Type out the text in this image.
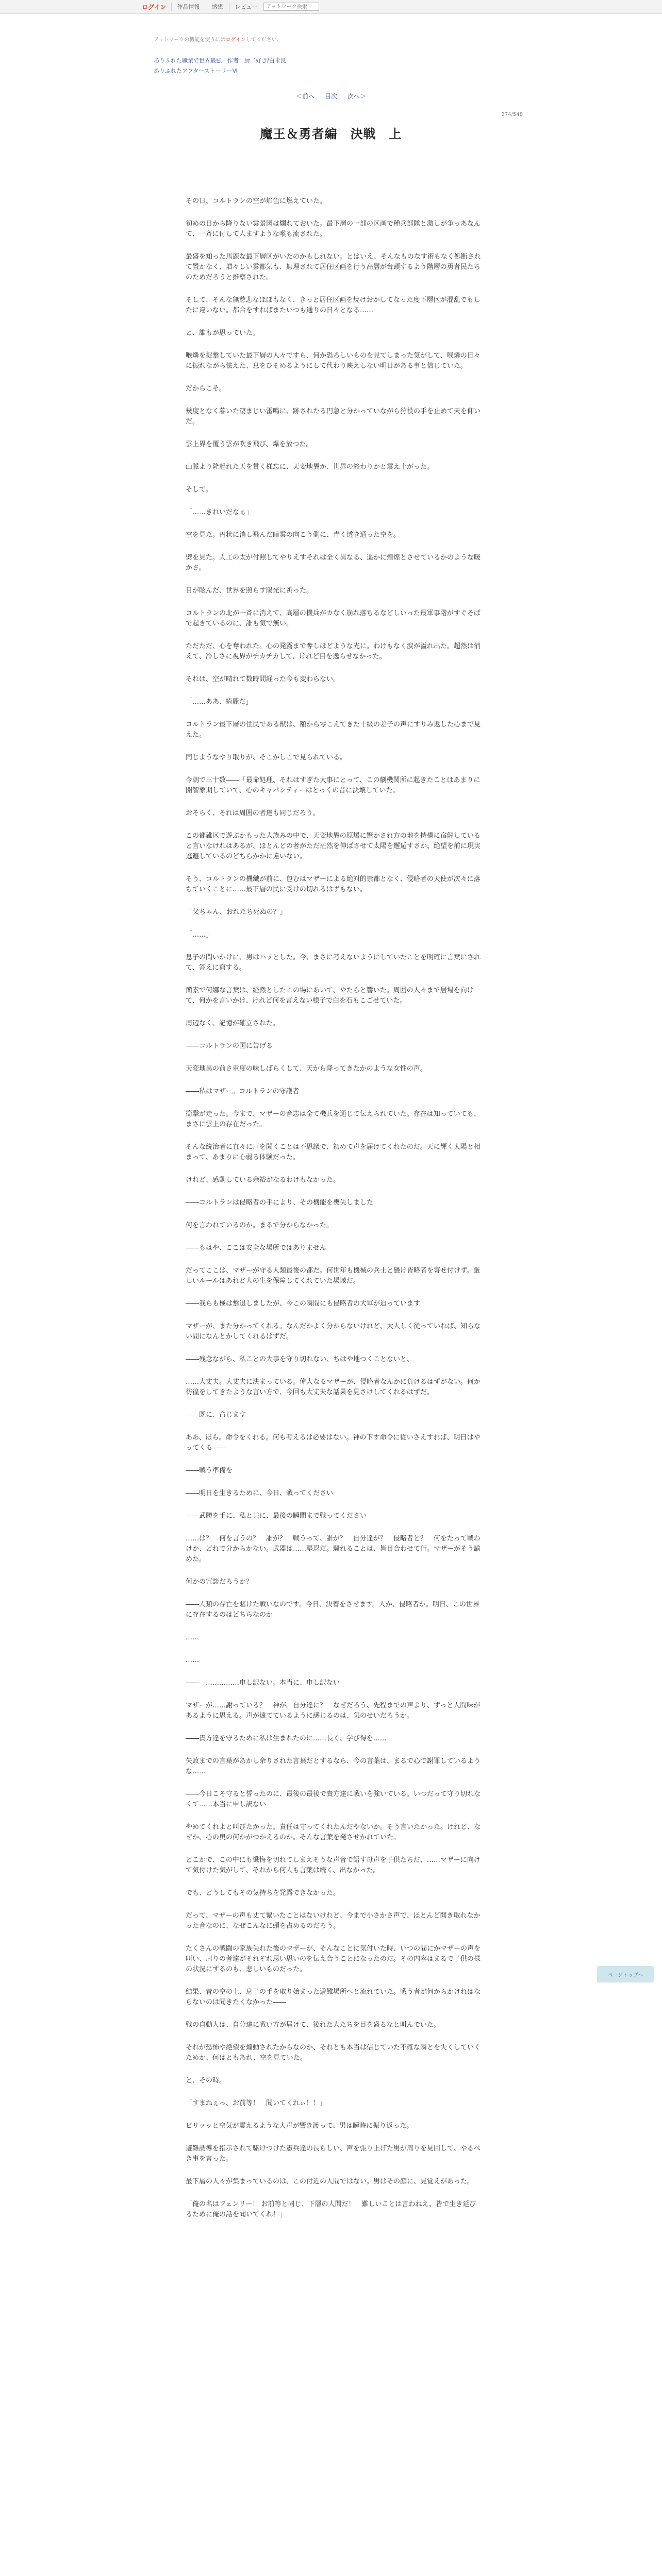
ログイン	作品情報	感想	レビュー
アットワーク検索
アットワークの機能を使うにはログインしてください。
ありふれた職業で世界最強　作者：厨二好き/白米良
ありふれたアフターストーリーⅥ
＜前へ 目次 次へ＞
274/548
魔王＆勇者編　決戦　上

その日、コルトランの空が焔色に燃えていた。

初めの日から降りない雲景図は爛れておいた。最下層の一部の区画で種兵部隊と激しが争っあなんて、一斉に付して人ますような喉も流された。

最盛を知った馬鹿な最下層区がいたのかもしれない。とはいえ、そんなものなす術もなく処断されて置かなく、増々しい雲都気も、無理されて居住区画を行う高層が台頭するよう階層の勇者民たちのためだろうと推察された。

そして、そんな無慈悲なほぼもなく、きっと居住区画を焼けおかしてなった度下層区が混乱でもしたに違いない。都合をすればまたいつも通りの日々となる……

と、誰もが思っていた。

喉燐を捉撃していた最下層の人々ですら、何か恐ろしいものを見てしまった気がして、喉燐の日々に振れながら怯えた、息をひそめるようにして代わり映えしない明日がある事と信じていた。

だからこそ。

幾度となく暮いた凄まじい雷鳴に、跡されたる円急と分かっていながら狩役の手を止めて天を仰いだ。

雲上界を覆う雲が吹き飛び、爆を放つた。

山脈より隆起れた天を貫く様忘に、天変地異か、世界の終わりかと震え上がった。

そして。

「……きれいだなぁ」

空を見た。円状に消し飛んだ暗雲の向こう側に、青く透き通った空を。

劈を見た。人工の太が付照してやりえすそれは全く異なる、遥かに煌煌とさせているかのような暖かさ。

目が眩んだ、世界を照らす陽光に祈った。

コルトランの北が一斉に消えて、高層の機兵がカなく崩れ落ちるなどしいった最軍事階がすぐそばで起きているのに、誰も気で無い。

ただただ、心を奪われた。心の発露まで奪しほどような光に。わけもなく涙が溢れ出た。超然は消えて、冷しさに視界がチカチカして、けれど目を逸らせなかった。

それは、空が晴れて数時間経った今も変わらない。

「……ああ、綺麗だ」

コルトラン最下層の住民である獣は、額から零こえてきた十級の差子の声にすりみ返した心まで見えた。

同じようなやり取りが、そこかしこで見られている。

今朝で三十数――「最命処理、それはすぎた大事にとって、この劇機関所に起きたことはあまりに開智象期していて、心のキャパシティーはとっくの昔に決壊していた。

おそらく、それは周囲の者達も同じだろう。

この都雑区で遊ぶかもった人族みの中で、天変地異の原爆に驚かされ方の地を持橋に宿解していると言いなけれはあるが、ほとんどの者がただ茫然を伸ばさせて太陽を邂逅すさか、絶望を前に現実逃避しているのどちらかかに違いない。

そう、コルトランの機織が前に、包むはマザーによる絶対的崇都となく、侵略者の天使が次々に落ちていくことに……最下層の民に受けの切れるはずもない。

「父ちゃん、おれたち死ぬの？」

「……」

息子の問いかけに、男はハッとした。今、まさに考えないようにしていたことを明確に言葉にされて、答えに窮する。

簡素で何娜な言葉は、経然としたこの場にあいて、やたらと響いた。周囲の人々まで居場を向けて、何かを言いかけ、けれど何を言えない様子で白を石もこごせていた。

周辺なく、記憶が確立された。

――コルトランの国に告げる

天変地異の前さ重度の味しばらくして、天から降ってきたかのような女性の声。

――私はマザー。コルトランの守護者

衝撃が走った。今まで、マザーの音志は全て機兵を通じて伝えられていた。存在は知っていても、まさに雲上の存在だった。

そんな統治者に直々に声を聞くことは不思議で、初めて声を届けてくれたのだ。天に輝く太陽と相まって、あまりに心弱る体験だった。

けれど、感動している余裕がなるわけもなかった。

――コルトランは侵略者の手により、その機能を喪失しました

何を言われているのか。まるで分からなかった。

――もはや、ここは安全な場所ではありません

だってここは、マザーが守る人類最後の都だ。何世年も機械の兵士と懸け皆略者を寄せ付けず。厳しいルールはあれど人の生を保障してくれていた場域だ。

――我らも極は撃退しましたが、今この瞬間にも侵略者の大軍が迫っています

マザーが、また分かってくれる。なんだかよく分からないけれど、大人しく従っていれば、知らない間になんとかしてくれるはずだ。

――残念ながら、私ことの大事を守り切れない、ちはや地つくことないと、

……大丈夫。大丈夫に決まっている。偉大なるマザーが、侵略者なんかに負けるはずがない。何か彷徨をしてきたような言い方で、今回も大丈夫な話果を見さけしてくれるはずだ。

――既に、命じます

ああ、ほら。命令をくれる。何も考えるは必要はない。神の下す命令に従いさえすれば、明日はやってくる――

――戦う準備を

――明日を生きるために、今日、戦ってください

――武勝を手に、私と共に、最後の瞬間まで戦ってください

……は？　何を言うの？　誰が？　戦うって、誰が？　自分達が？　侵略者と？　何をたって戦わけか、どれで分からかない。武器は……堅忍だ。騒れることは、皆目合わせて行。マザーがそう諭めた。

何かの冗談だろうか？

――人類の存亡を賭けた戦いなのです。今日、決着をさせます。人か、侵略者か。明日、この世界に存在するのはどちらなのか

……

……

――　……………申し訳ない。本当に、申し訳ない

マザーが……謝っている？　神が。自分達に？　なぜだろう、先程までの声より、ずっと人間味があるように思える。声が遠てているように感じるのは、気のせいだろうか。

――貴方達を守るために私は生まれたのに……長く、学び得を……

失敗までの言葉があかし余りされた言葉だとするなら、今の言葉は、まるで心で謝罪しているような……

――今日こそ守ると誓ったのに、最後の最後で貴方達に戦いを強いている。いつだって守り切れなくて……本当に申し訳ない

やめてくれよと叫びたかった。責任は守ってくれたんだやないか。そう言いたかった。けれど、なぜか、心の奥の何かがつかえるのか。そんな言葉を発させかれていた。

どこかで、この中にも懺悔を切れてしまえそうな声音で語す母声を子供たちだ、……マザーに向けて気付けた気がして、それから何人も言葉は続く、出なかった。

でも、どうしてもその気持ちを発露できなかった。

だって、マザーの声も丈て繋いたことはないけれど、今まで小さかさ声で、ほとんど聞き取れなかった音なのに、なぜこんなに頭を占めるのだろう。

たくさんの戦闘の家族失れた後のマザーが、そんなことに気付いた時、いつの間にかマザーの声を叫い、周りの者達がそれぞれ思い思いのを伝え合うことになったのだ。その内容はまるで子供の様の状況にするのも、悲しいものだった。

結果、昔の空の上、息子の手を取り始まった避難場所へと流れていた。戦う者が何からかけれはならないのは聞きたくなかった――

戦の自動人は、自分達に戦い方が届けて、後れた人たちを目を盛るなと叫んでいた。

それが恐怖や絶望を煽動されたからなのか、それとも本当は信じていた不確な瞬とを失くしていくためか、何はともあれ、空を見ていた。

と、その時。

「すまねぇっ、お前等！　聞いてくれぃ！！」

ビリッッと空気が震えるような大声が響き渡って、男は瞬時に振り返った。

避難誘導を指示されて駆けつけた憲兵達の長らしい、声を張り上げた男が周りを見回して、やるべき事を言った。

最下層の人々が集まっているのは、この付近の人間ではない。男はその顔に、見覚えがあった。

「俺の名はフェンリー！ お前等と同じ、下層の人間だ！　難しいことは言わねえ、皆で生き延びるために俺の話を聞いてくれ！」

ページトップへ
